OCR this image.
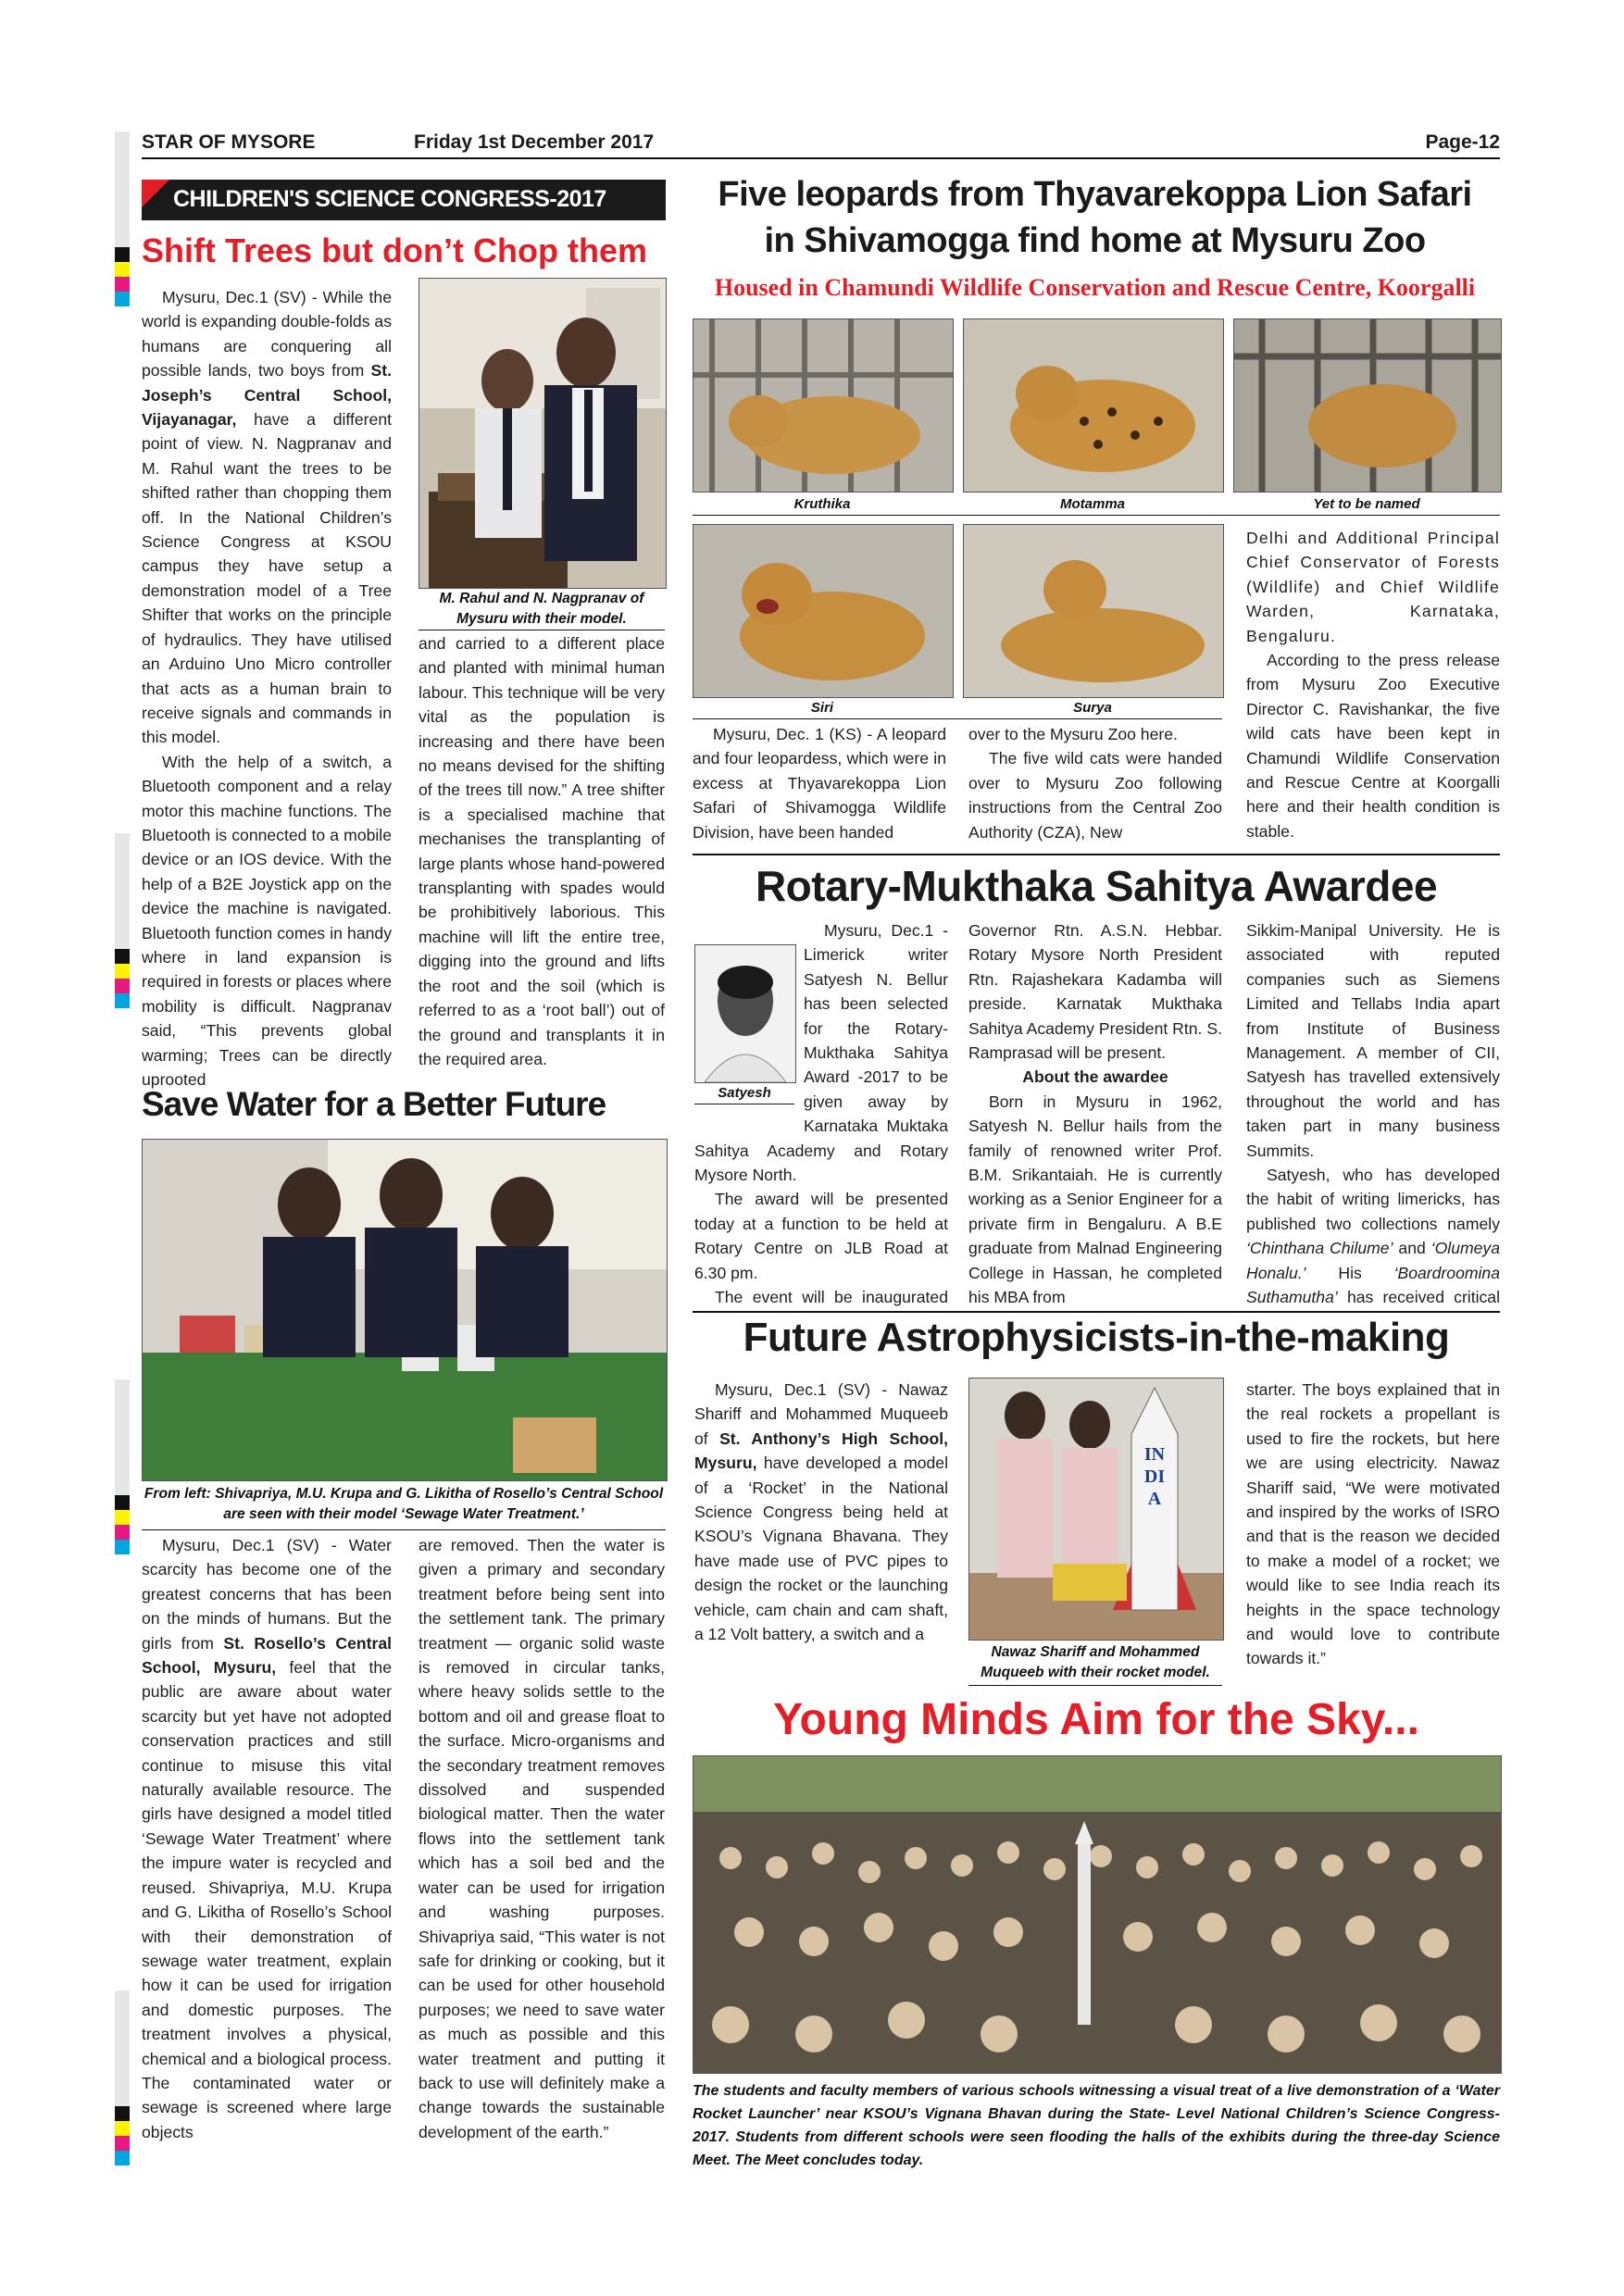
STAR OF MYSORE	Friday 1st December 2017	Page-12
CHILDREN'S SCIENCE CONGRESS-2017
Shift Trees but don’t Chop them

Mysuru, Dec.1 (SV) - While the world is expanding double-folds as humans are conquering all possible lands, two boys from St. Joseph’s Central School, Vijayanagar, have a different point of view. N. Nagpranav and M. Rahul want the trees to be shifted rather than chopping them off. In the National Children’s Science Congress at KSOU campus they have setup a demonstration model of a Tree Shifter that works on the principle of hydraulics. They have utilised an Arduino Uno Micro controller that acts as a human brain to receive signals and commands in this model.

With the help of a switch, a Bluetooth component and a relay motor this machine functions. The Bluetooth is connected to a mobile device or an IOS device. With the help of a B2E Joystick app on the device the machine is navigated. Bluetooth function comes in handy where in land expansion is required in forests or places where mobility is difficult. Nagpranav said, “This prevents global warming; Trees can be directly uprooted

M. Rahul and N. Nagpranav of Mysuru with their model.

and carried to a different place and planted with minimal human labour. This technique will be very vital as the population is increasing and there have been no means devised for the shifting of the trees till now.” A tree shifter is a specialised machine that mechanises the transplanting of large plants whose hand-powered transplanting with spades would be prohibitively laborious. This machine will lift the entire tree, digging into the ground and lifts the root and the soil (which is referred to as a ‘root ball’) out of the ground and transplants it in the required area.

Save Water for a Better Future
From left: Shivapriya, M.U. Krupa and G. Likitha of Rosello’s Central School are seen with their model ‘Sewage Water Treatment.’

Mysuru, Dec.1 (SV) - Water scarcity has become one of the greatest concerns that has been on the minds of humans. But the girls from St. Rosello’s Central School, Mysuru, feel that the public are aware about water scarcity but yet have not adopted conservation practices and still continue to misuse this vital naturally available resource. The girls have designed a model titled ‘Sewage Water Treatment’ where the impure water is recycled and reused. Shivapriya, M.U. Krupa and G. Likitha of Rosello’s School with their demonstration of sewage water treatment, explain how it can be used for irrigation and domestic purposes. The treatment involves a physical, chemical and a biological process. The contaminated water or sewage is screened where large objects

are removed. Then the water is given a primary and secondary treatment before being sent into the settlement tank. The primary treatment — organic solid waste is removed in circular tanks, where heavy solids settle to the bottom and oil and grease float to the surface. Micro-organisms and the secondary treatment removes dissolved and suspended biological matter. Then the water flows into the settlement tank which has a soil bed and the water can be used for irrigation and washing purposes. Shivapriya said, “This water is not safe for drinking or cooking, but it can be used for other household purposes; we need to save water as much as possible and this water treatment and putting it back to use will definitely make a change towards the sustainable development of the earth.”

Five leopards from Thyavarekoppa Lion Safari
in Shivamogga find home at Mysuru Zoo
Housed in Chamundi Wildlife Conservation and Rescue Centre, Koorgalli
Kruthika	Motamma	Yet to be named
Siri	Surya

Mysuru, Dec. 1 (KS) - A leopard and four leopardess, which were in excess at Thyavarekoppa Lion Safari of Shivamogga Wildlife Division, have been handed

over to the Mysuru Zoo here.

The five wild cats were handed over to Mysuru Zoo following instructions from the Central Zoo Authority (CZA), New

Delhi and Additional Principal Chief Conservator of Forests (Wildlife) and Chief Wildlife Warden, Karnataka, Bengaluru.

According to the press release from Mysuru Zoo Executive Director C. Ravishankar, the five wild cats have been kept in Chamundi Wildlife Conservation and Rescue Centre at Koorgalli here and their health condition is stable.

Rotary-Mukthaka Sahitya Awardee
Satyesh

Mysuru, Dec.1 - Limerick writer Satyesh N. Bellur has been selected for the Rotary-Mukthaka Sahitya Award -2017 to be given away by Karnataka Muktaka Sahitya Academy and Rotary Mysore North.

The award will be presented today at a function to be held at Rotary Centre on JLB Road at 6.30 pm.

The event will be inaugurated

Governor Rtn. A.S.N. Hebbar. Rotary Mysore North President Rtn. Rajashekara Kadamba will preside. Karnatak Mukthaka Sahitya Academy President Rtn. S. Ramprasad will be present.

About the awardee

Born in Mysuru in 1962, Satyesh N. Bellur hails from the family of renowned writer Prof. B.M. Srikantaiah. He is currently working as a Senior Engineer for a private firm in Bengaluru. A B.E graduate from Malnad Engineering College in Hassan, he completed his MBA from

Sikkim-Manipal University. He is associated with reputed companies such as Siemens Limited and Tellabs India apart from Institute of Business Management. A member of CII, Satyesh has travelled extensively throughout the world and has taken part in many business Summits.

Satyesh, who has developed the habit of writing limericks, has published two collections namely ‘Chinthana Chilume’ and ‘Olumeya Honalu.’ His ‘Boardroomina Suthamutha’ has received critical

Future Astrophysicists-in-the-making

Mysuru, Dec.1 (SV) - Nawaz Shariff and Mohammed Muqueeb of St. Anthony’s High School, Mysuru, have developed a model of a ‘Rocket’ in the National Science Congress being held at KSOU’s Vignana Bhavana. They have made use of PVC pipes to design the rocket or the launching vehicle, cam chain and cam shaft, a 12 Volt battery, a switch and a

INDIA
Nawaz Shariff and Mohammed Muqueeb with their rocket model.

starter. The boys explained that in the real rockets a propellant is used to fire the rockets, but here we are using electricity. Nawaz Shariff said, “We were motivated and inspired by the works of ISRO and that is the reason we decided to make a model of a rocket; we would like to see India reach its heights in the space technology and would love to contribute towards it.”

Young Minds Aim for the Sky...
The students and faculty members of various schools witnessing a visual treat of a live demonstration of a ‘Water Rocket Launcher’ near KSOU’s Vignana Bhavan during the State- Level National Children’s Science Congress-2017. Students from different schools were seen flooding the halls of the exhibits during the three-day Science Meet. The Meet concludes today.
